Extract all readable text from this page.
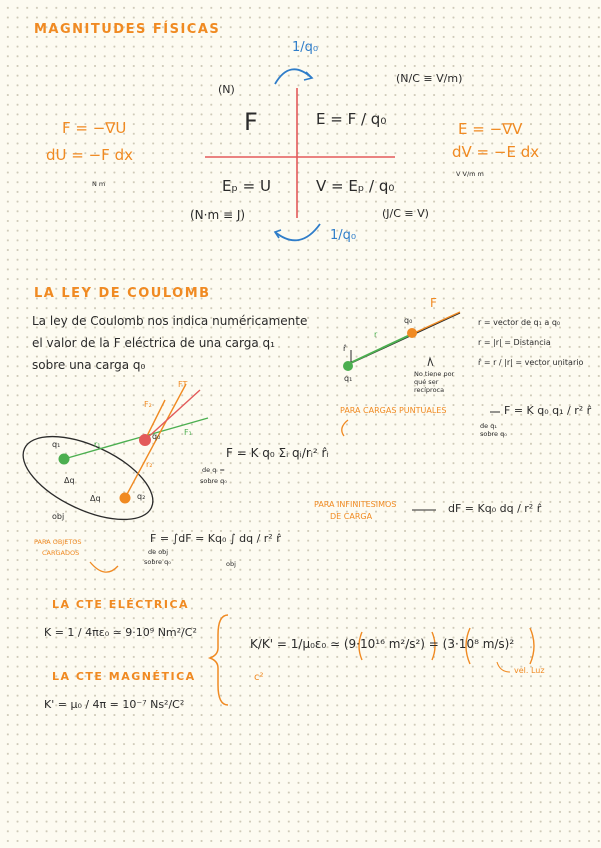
MAGNITUDES FÍSICAS
(N)
F	E = F / q₀
Eₚ = U	V = Eₚ / q₀
(N·m ≡ J)
(N/C ≡ V/m)
(J/C ≡ V)
1/q₀
1/q₀
F = −∇U
dU = −F dx
N m
E = −∇V
dV = −E dx
V V/m m
LA LEY DE COULOMB
La ley de Coulomb nos indica numéricamente
el valor de la F eléctrica de una carga q₁
sobre una carga q₀
F
q₀
q₁
r
r̂
No tiene por qué ser recíproca
r = vector de q₁ a q₀
r = |r| = Distancia
r̂ = r / |r| = vector unitario
PARA CARGAS PUNTUALES	F = K q₀ q₁ / r² r̂
de q₁ sobre q₀
F = K q₀ Σᵢ qᵢ/rᵢ² r̂ᵢ
de qᵢ =
sobre q₀
PARA INFINITESIMOS
DE CARGA
dF = Kq₀ dq / r² r̂
PARA OBJETOS
CARGADOS
F = ∫dF = Kq₀ ∫ dq / r² r̂
de obj
sobre q₀	obj
q₁
q₀
q₂
Δq
Δq
obj
FT
F₁
F₂
r₁
r₂
LA CTE ELÉCTRICA
K = 1 / 4πε₀ ≃ 9·10⁹ Nm²/C²
LA CTE MAGNÉTICA
K' = μ₀ / 4π = 10⁻⁷ Ns²/C²
K/K' = 1/μ₀ε₀ ≃ (9·10¹⁶ m²/s²) = (3·10⁸ m/s)²
c²
vel. Luz
